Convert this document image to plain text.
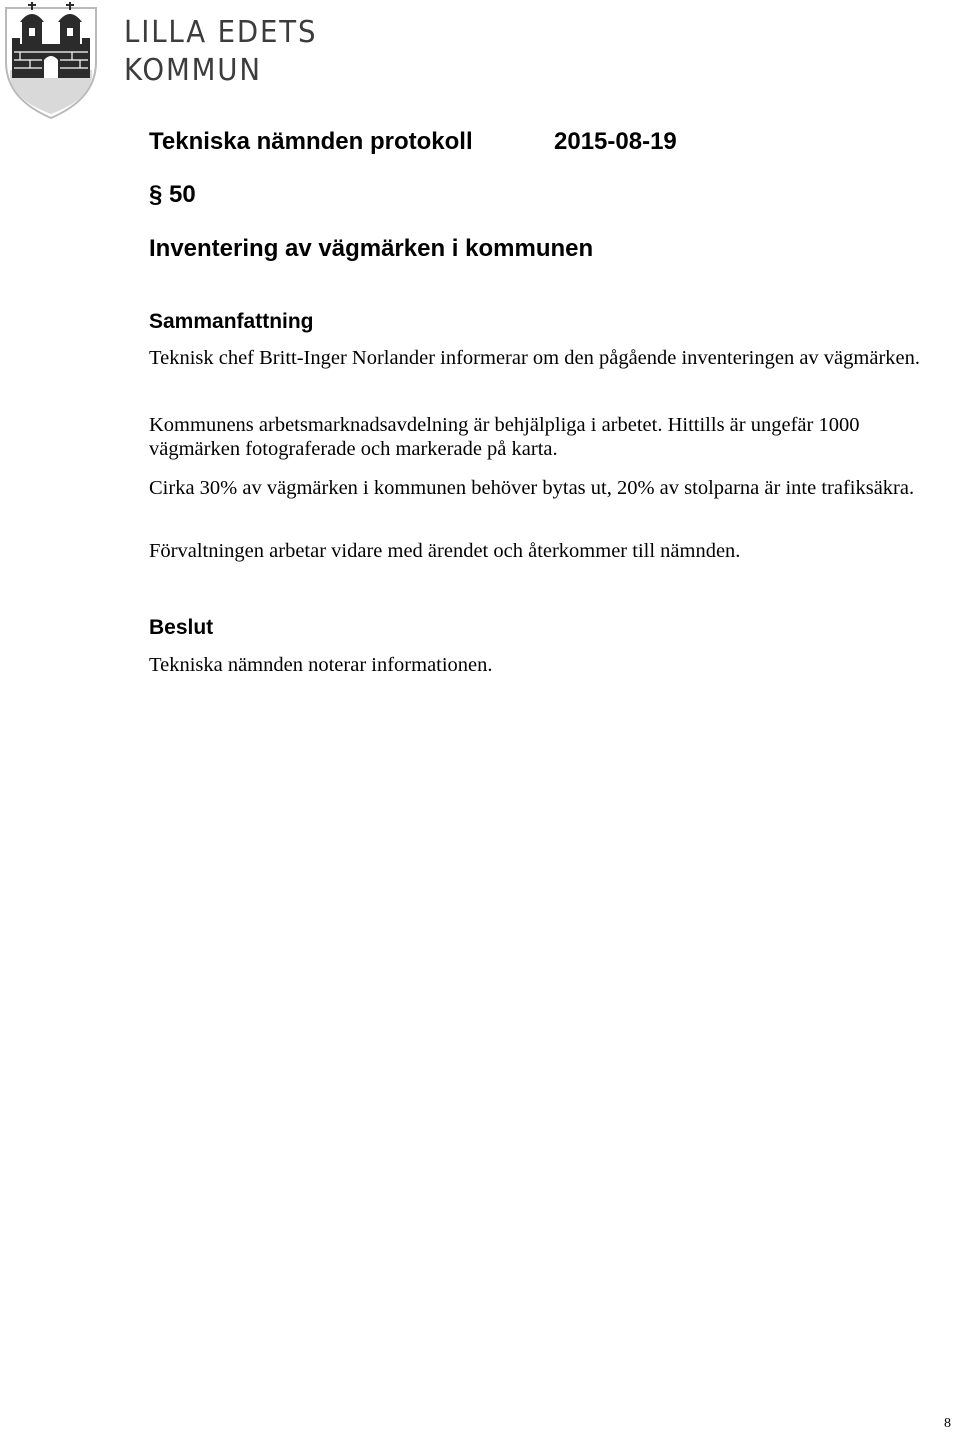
LILLA EDETS
KOMMUN
Tekniska nämnden protokoll	2015-08-19
§ 50
Inventering av vägmärken i kommunen
Sammanfattning

Teknisk chef Britt-Inger Norlander informerar om den pågående inventeringen av vägmärken.

Kommunens arbetsmarknadsavdelning är behjälpliga i arbetet. Hittills är ungefär 1000 vägmärken fotograferade och markerade på karta.

Cirka 30% av vägmärken i kommunen behöver bytas ut, 20% av stolparna är inte trafiksäkra.

Förvaltningen arbetar vidare med ärendet och återkommer till nämnden.

Beslut

Tekniska nämnden noterar informationen.

8
